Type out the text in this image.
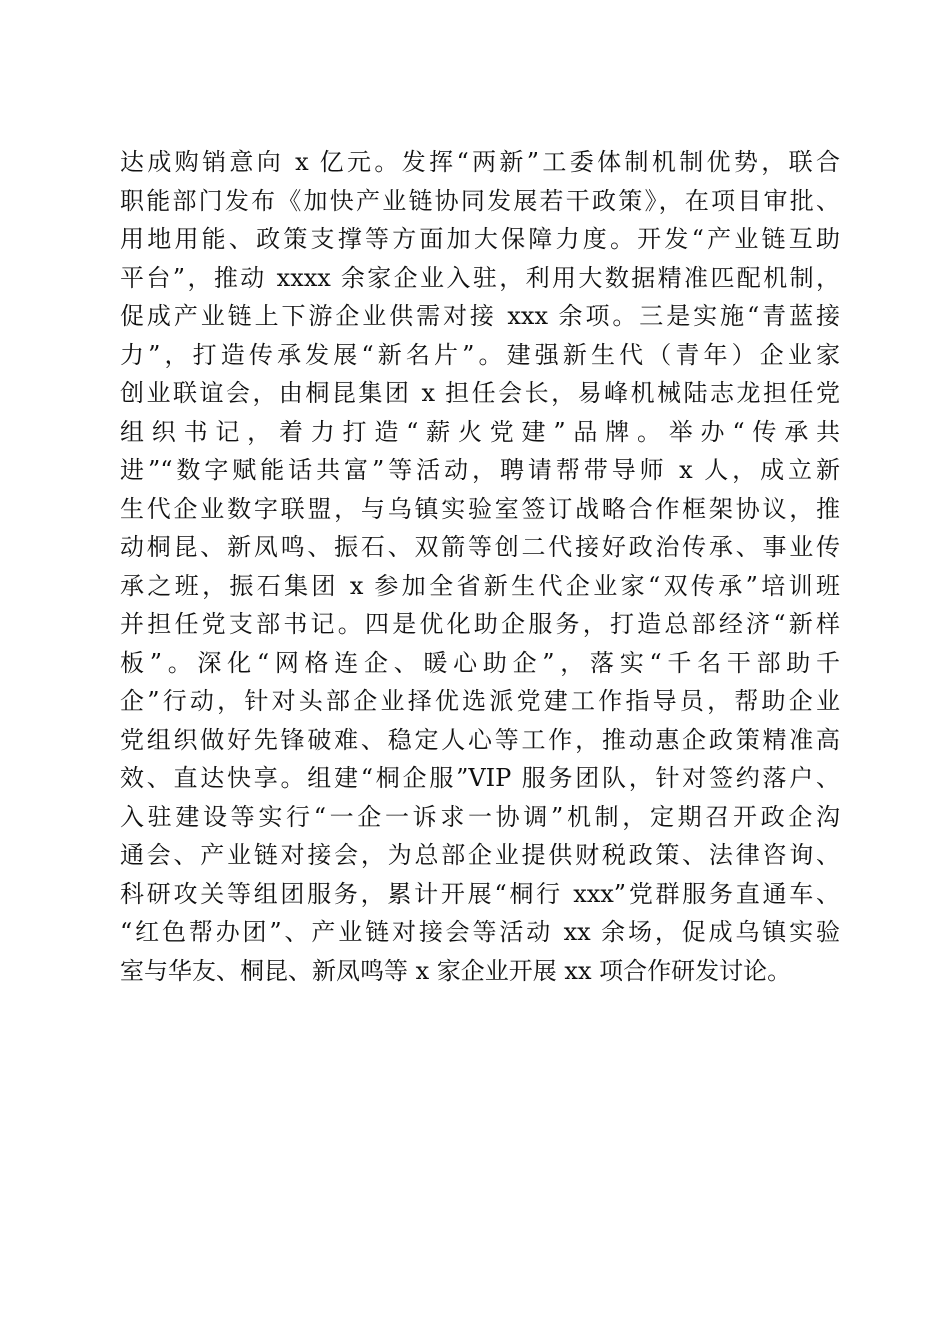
达成购销意向 x 亿元。发挥“两新”工委体制机制优势，联合
职能部门发布《加快产业链协同发展若干政策》，在项目审批、
用地用能、政策支撑等方面加大保障力度。开发“产业链互助
平台”，推动 xxxx 余家企业入驻，利用大数据精准匹配机制，
促成产业链上下游企业供需对接 xxx 余项。三是实施“青蓝接
力”，打造传承发展“新名片”。建强新生代（青年）企业家
创业联谊会，由桐昆集团 x 担任会长，易峰机械陆志龙担任党
组织书记，着力打造“薪火党建”品牌。举办“传承共
进”“数字赋能话共富”等活动，聘请帮带导师 x 人，成立新
生代企业数字联盟，与乌镇实验室签订战略合作框架协议，推
动桐昆、新凤鸣、振石、双箭等创二代接好政治传承、事业传
承之班，振石集团 x 参加全省新生代企业家“双传承”培训班
并担任党支部书记。四是优化助企服务，打造总部经济“新样
板”。深化“网格连企、暖心助企”，落实“千名干部助千
企”行动，针对头部企业择优选派党建工作指导员，帮助企业
党组织做好先锋破难、稳定人心等工作，推动惠企政策精准高
效、直达快享。组建“桐企服”VIP 服务团队，针对签约落户、
入驻建设等实行“一企一诉求一协调”机制，定期召开政企沟
通会、产业链对接会，为总部企业提供财税政策、法律咨询、
科研攻关等组团服务，累计开展“桐行 xxx”党群服务直通车、
“红色帮办团”、产业链对接会等活动 xx 余场，促成乌镇实验
室与华友、桐昆、新凤鸣等 x 家企业开展 xx 项合作研发讨论。
